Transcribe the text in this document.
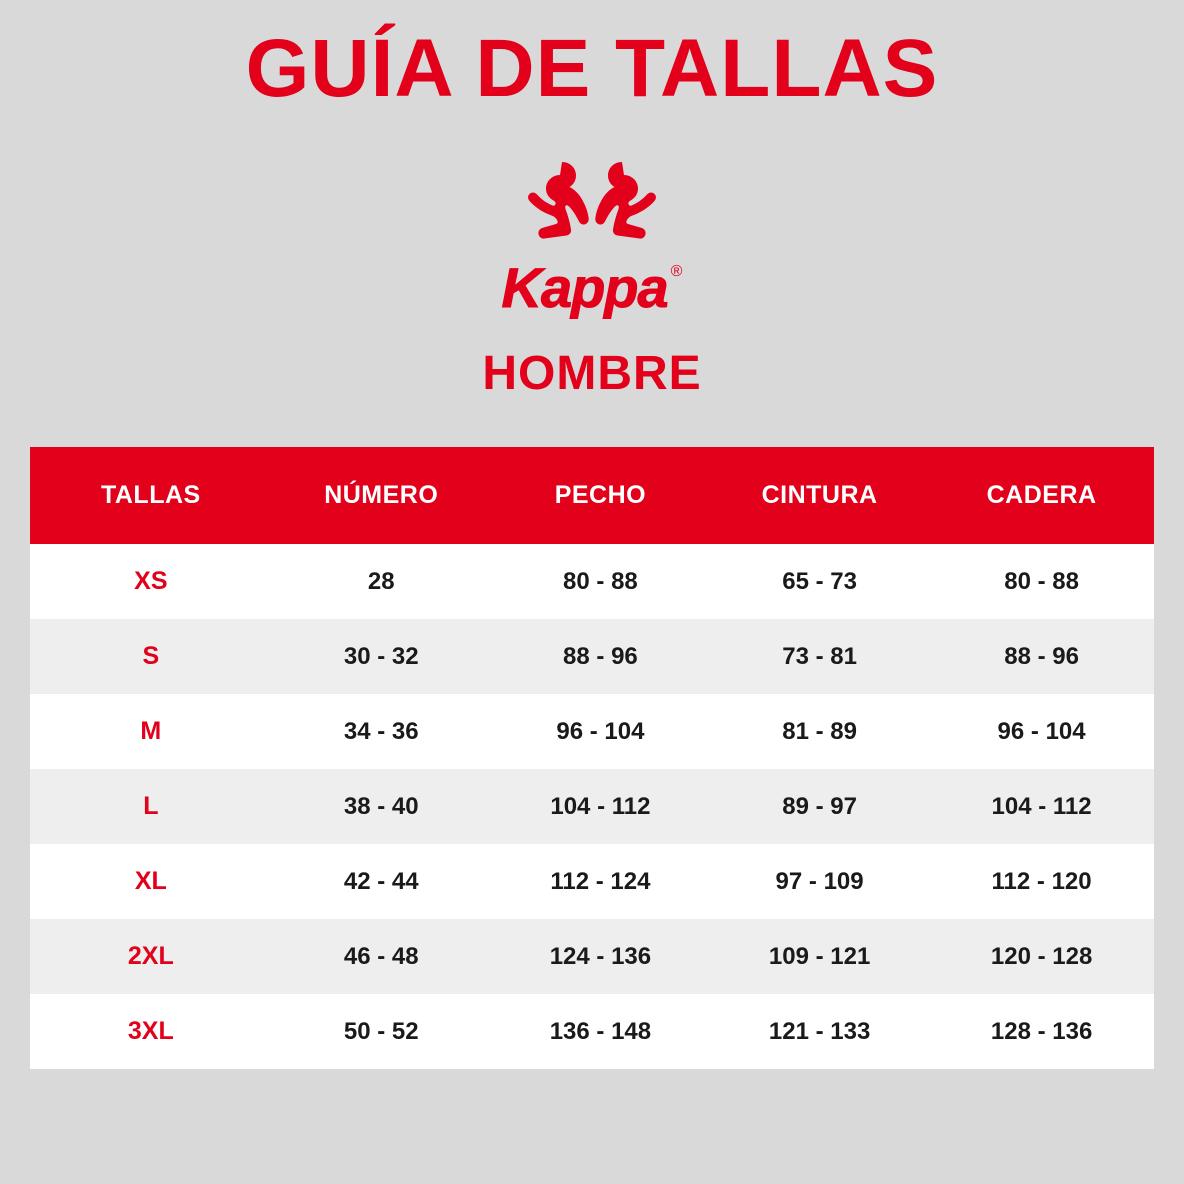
GUÍA DE TALLAS
Kappa ®
HOMBRE
TALLAS	NÚMERO	PECHO	CINTURA	CADERA
XS	28	80 - 88	65 - 73	80 - 88
S	30 - 32	88 - 96	73 - 81	88 - 96
M	34 - 36	96 - 104	81 - 89	96 - 104
L	38 - 40	104 - 112	89 - 97	104 - 112
XL	42 - 44	112 - 124	97 - 109	112 - 120
2XL	46 - 48	124 - 136	109 - 121	120 - 128
3XL	50 - 52	136 - 148	121 - 133	128 - 136
